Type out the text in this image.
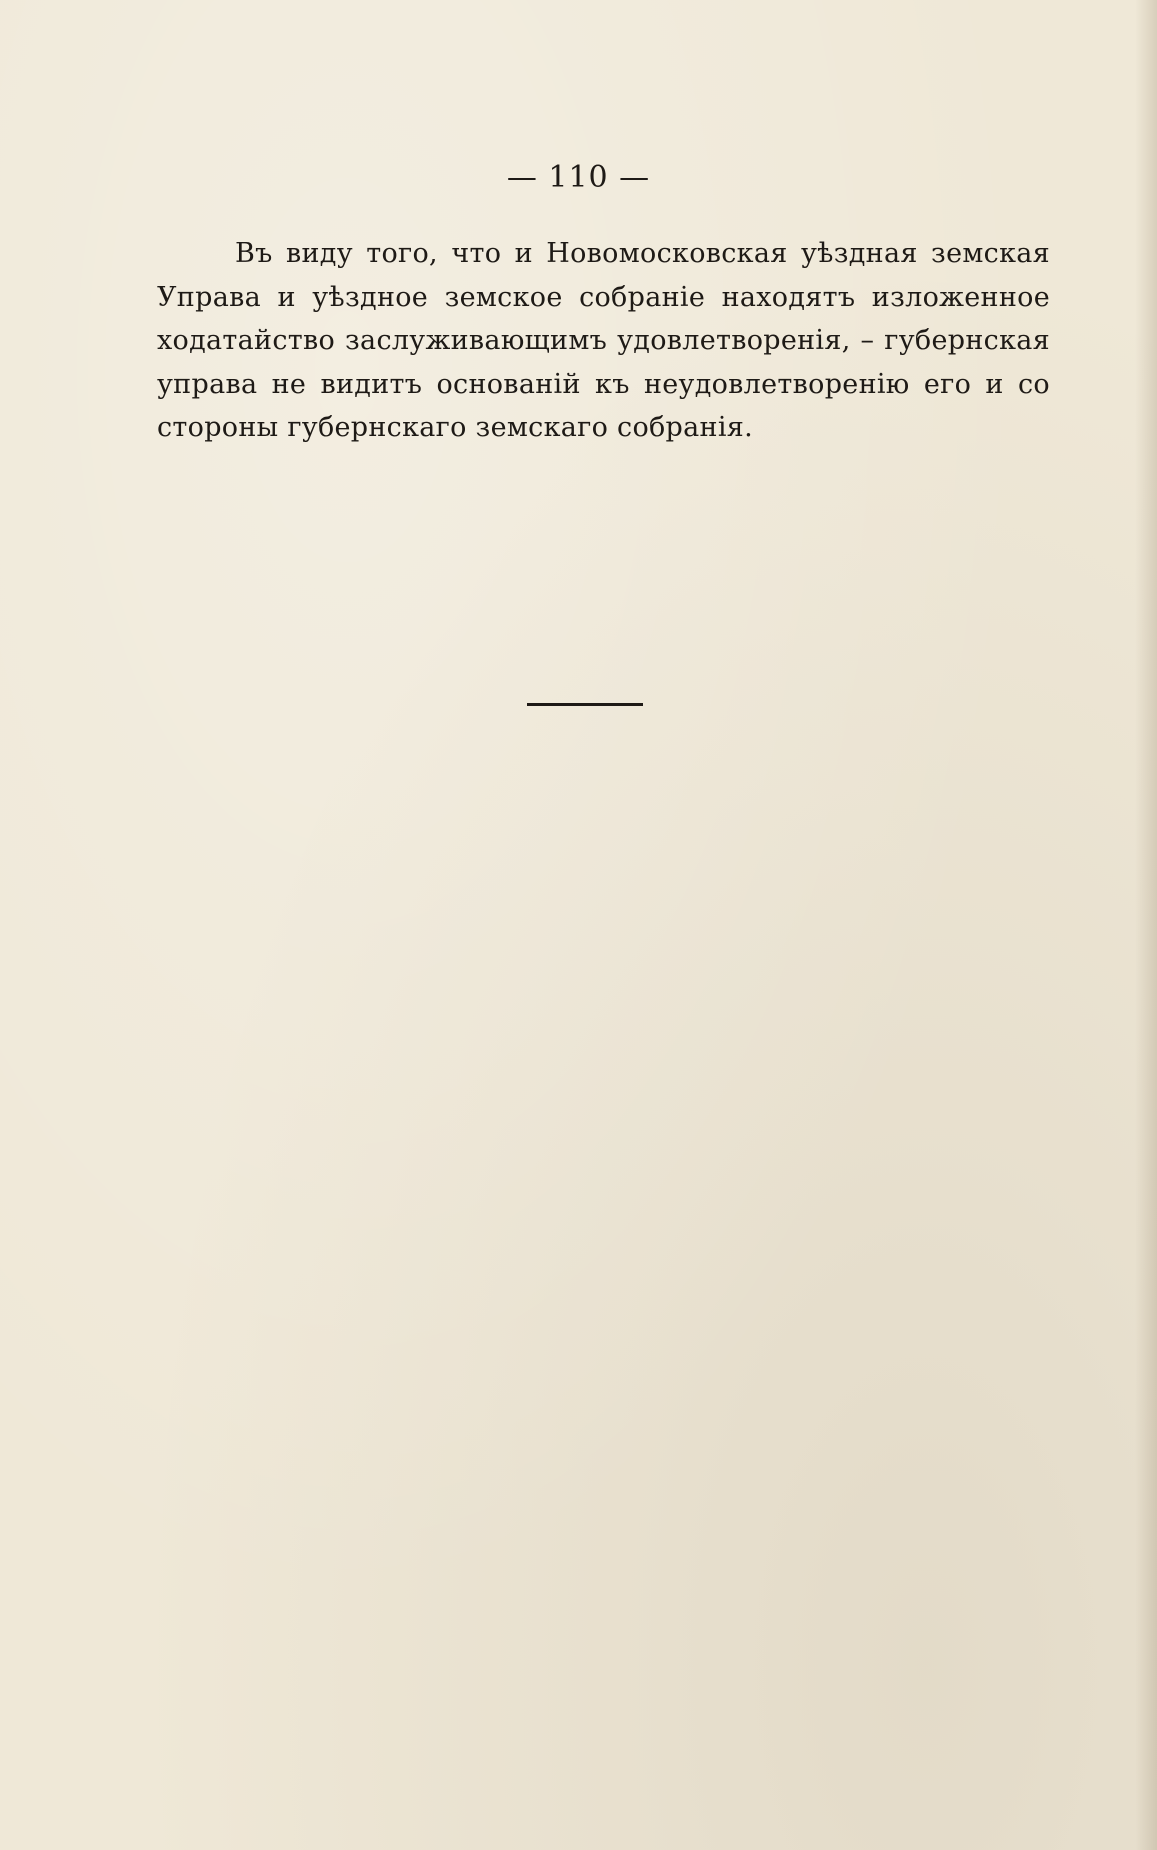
— 110 —
Въ виду того, что и Новомосковская уѣздная земская
Управа и уѣздное земское собраніе находятъ изложенное
ходатайство заслуживающимъ удовлетворенія, – губернская
управа не видитъ основаній къ неудовлетворенію его и со
стороны губернскаго земскаго собранія.
